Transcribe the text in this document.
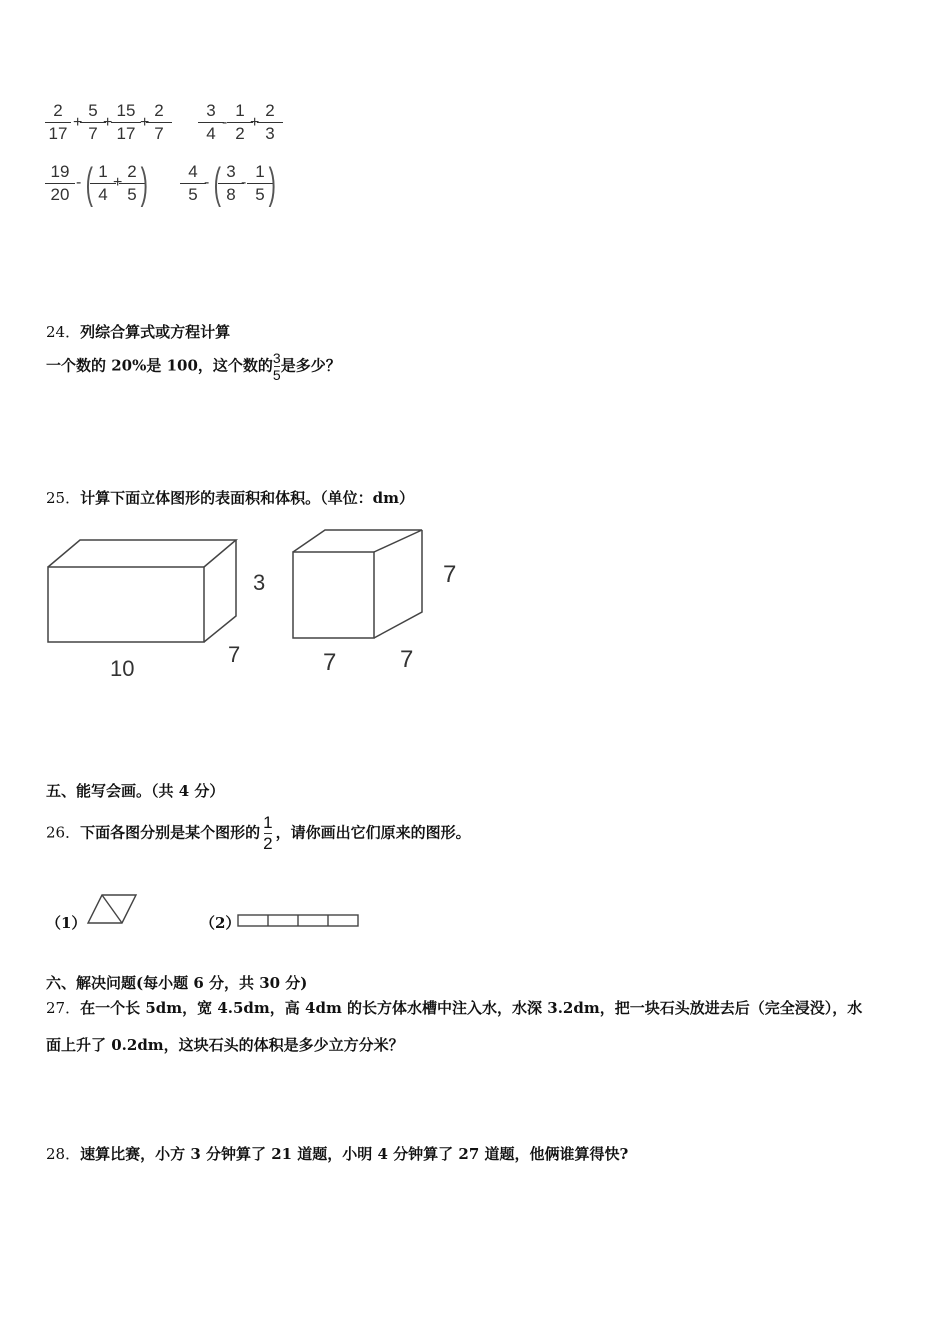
2
17
+
5
7
+
15
17
+
2
7
3
4
-
1
2
+
2
3
19
20
- ( 1
4
+
2
5 )	4
5
- ( 3
8
-
1
5 )
24．列综合算式或方程计算
一个数的 20%是 100，这个数的$\frac{3}{5}$是多少？
25．计算下面立体图形的表面积和体积。（单位：dm）
10
7
3
7	7
7
五、能写会画。（共 4 分）
26．下面各图分别是某个图形的 $\frac{1}{2}$ ，请你画出它们原来的图形。
（1）	（2）
六、解决问题(每小题 6 分，共 30 分)
27．在一个长 5dm，宽 4.5dm，高 4dm 的长方体水槽中注入水，水深 3.2dm，把一块石头放进去后（完全浸没），水
面上升了 0.2dm，这块石头的体积是多少立方分米？
28．速算比赛，小方 3 分钟算了 21 道题，小明 4 分钟算了 27 道题，他俩谁算得快?
